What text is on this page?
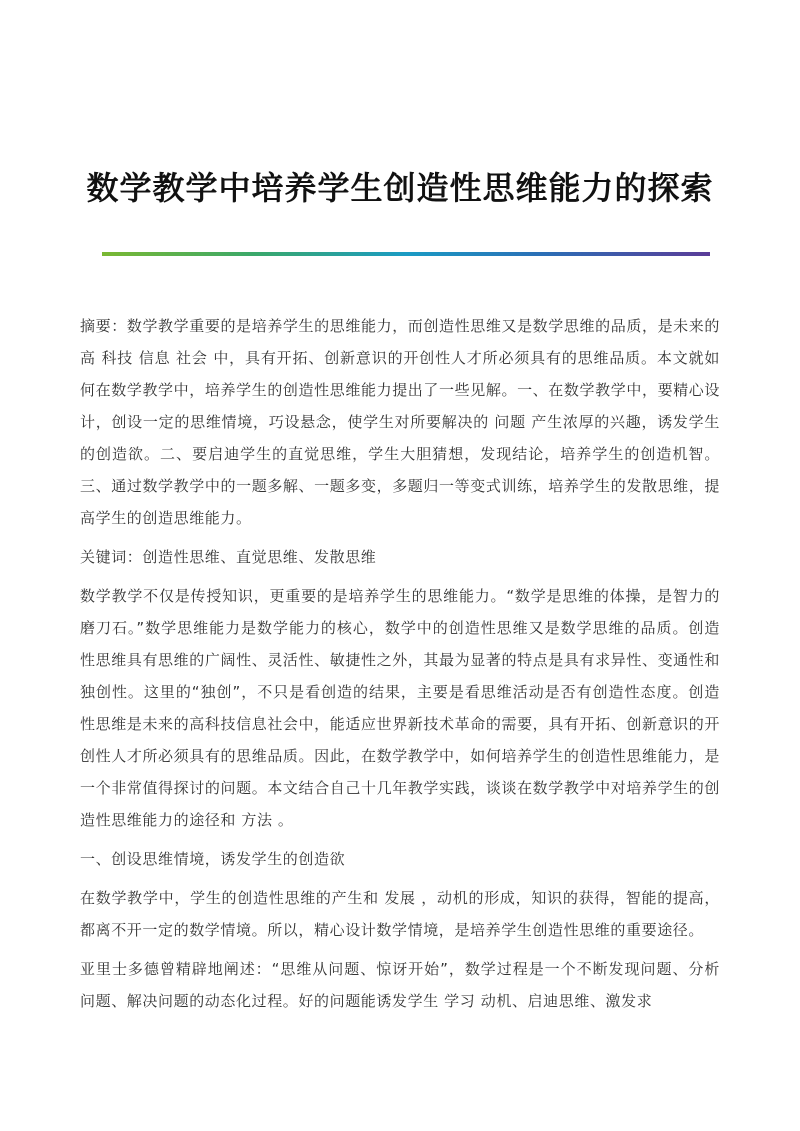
数学教学中培养学生创造性思维能力的探索

摘要：数学教学重要的是培养学生的思维能力，而创造性思维又是数学思维的品质，是未来的高 科技 信息 社会 中，具有开拓、创新意识的开创性人才所必须具有的思维品质。本文就如何在数学教学中，培养学生的创造性思维能力提出了一些见解。一、在数学教学中，要精心设计，创设一定的思维情境，巧设悬念，使学生对所要解决的 问题 产生浓厚的兴趣，诱发学生的创造欲。二、要启迪学生的直觉思维，学生大胆猜想，发现结论，培养学生的创造机智。三、通过数学教学中的一题多解、一题多变，多题归一等变式训练，培养学生的发散思维，提高学生的创造思维能力。

关键词：创造性思维、直觉思维、发散思维

数学教学不仅是传授知识，更重要的是培养学生的思维能力。“数学是思维的体操，是智力的磨刀石。”数学思维能力是数学能力的核心，数学中的创造性思维又是数学思维的品质。创造性思维具有思维的广阔性、灵活性、敏捷性之外，其最为显著的特点是具有求异性、变通性和独创性。这里的“独创”，不只是看创造的结果，主要是看思维活动是否有创造性态度。创造性思维是未来的高科技信息社会中，能适应世界新技术革命的需要，具有开拓、创新意识的开创性人才所必须具有的思维品质。因此，在数学教学中，如何培养学生的创造性思维能力，是一个非常值得探讨的问题。本文结合自己十几年教学实践，谈谈在数学教学中对培养学生的创造性思维能力的途径和 方法 。

一、创设思维情境，诱发学生的创造欲

在数学教学中，学生的创造性思维的产生和 发展 ，动机的形成，知识的获得，智能的提高，都离不开一定的数学情境。所以，精心设计数学情境，是培养学生创造性思维的重要途径。

亚里士多德曾精辟地阐述：“思维从问题、惊讶开始”，数学过程是一个不断发现问题、分析 问题、解决问题的动态化过程。好的问题能诱发学生 学习 动机、启迪思维、激发求
